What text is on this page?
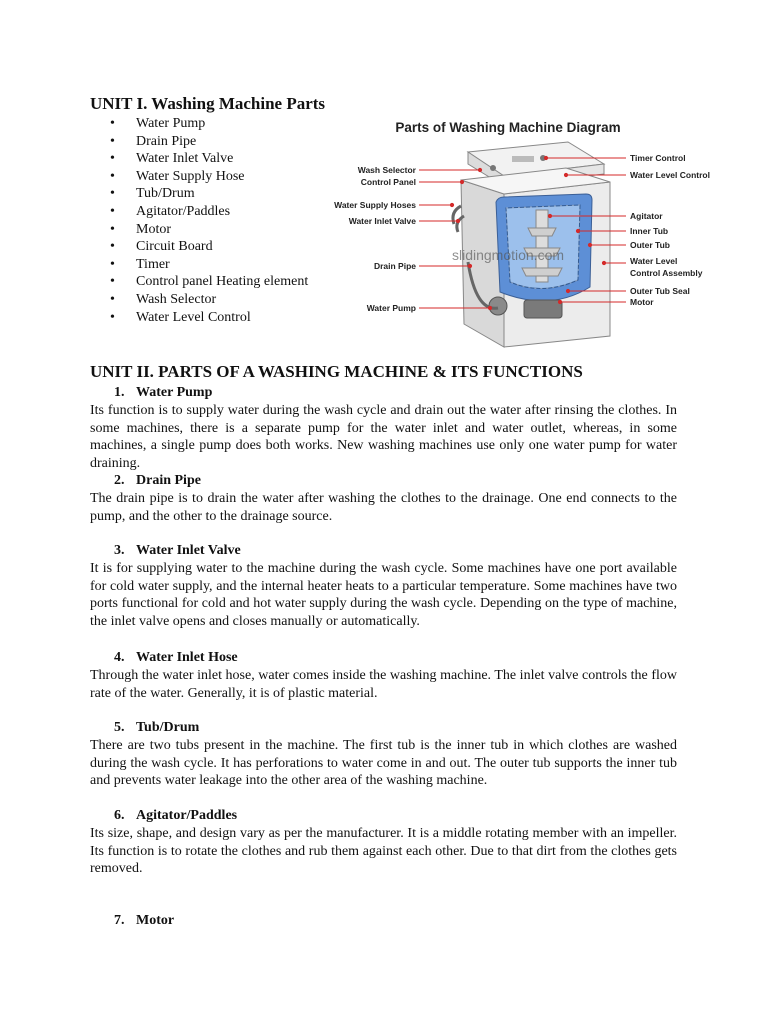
UNIT I. Washing Machine Parts
• Water Pump
• Drain Pipe
• Water Inlet Valve
• Water Supply Hose
• Tub/Drum
• Agitator/Paddles
• Motor
• Circuit Board
• Timer
• Control panel Heating element
• Wash Selector
• Water Level Control
Parts of Washing Machine Diagram
slidingmotion.com
Wash Selector
Control Panel
Water Supply Hoses
Water Inlet Valve
Drain Pipe
Water Pump
Timer Control
Water Level Control
Agitator
Inner Tub
Outer Tub
Water Level
Control Assembly
Outer Tub Seal
Motor
UNIT II. PARTS OF A WASHING MACHINE & ITS FUNCTIONS
1. Water Pump

Its function is to supply water during the wash cycle and drain out the water after rinsing the clothes. In some machines, there is a separate pump for the water inlet and water outlet, whereas, in some machines, a single pump does both works. New washing machines use only one water pump for water draining.

2. Drain Pipe

The drain pipe is to drain the water after washing the clothes to the drainage. One end connects to the pump, and the other to the drainage source.

3. Water Inlet Valve

It is for supplying water to the machine during the wash cycle. Some machines have one port available for cold water supply, and the internal heater heats to a particular temperature. Some machines have two ports functional for cold and hot water supply during the wash cycle. Depending on the type of machine, the inlet valve opens and closes manually or automatically.

4. Water Inlet Hose

Through the water inlet hose, water comes inside the washing machine. The inlet valve controls the flow rate of the water. Generally, it is of plastic material.

5. Tub/Drum

There are two tubs present in the machine. The first tub is the inner tub in which clothes are washed during the wash cycle. It has perforations to water come in and out. The outer tub supports the inner tub and prevents water leakage into the other area of the washing machine.

6. Agitator/Paddles

Its size, shape, and design vary as per the manufacturer. It is a middle rotating member with an impeller. Its function is to rotate the clothes and rub them against each other. Due to that dirt from the clothes gets removed.

7. Motor
